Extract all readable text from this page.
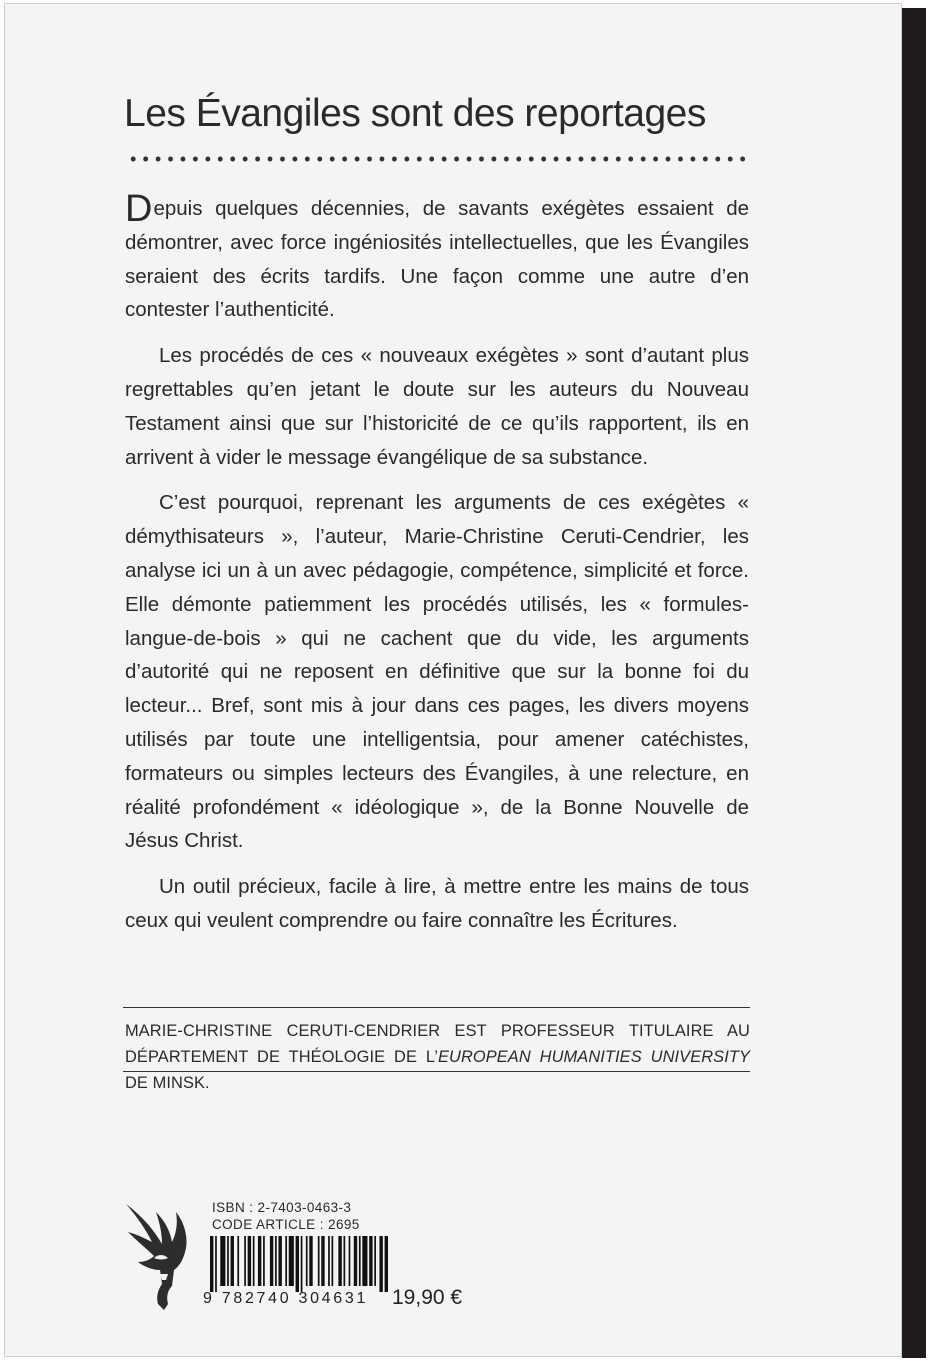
Les Évangiles sont des reportages

Depuis quelques décennies, de savants exégètes essaient de démontrer, avec force ingéniosités intellectuelles, que les Évangiles seraient des écrits tardifs. Une façon comme une autre d’en contester l’authenticité.

Les procédés de ces « nouveaux exégètes » sont d’autant plus regrettables qu’en jetant le doute sur les auteurs du Nouveau Testament ainsi que sur l’historicité de ce qu’ils rapportent, ils en arrivent à vider le message évangélique de sa substance.

C’est pourquoi, reprenant les arguments de ces exégètes « démythisateurs », l’auteur, Marie-Christine Ceruti-Cendrier, les analyse ici un à un avec pédagogie, compétence, simplicité et force. Elle démonte patiemment les procédés utilisés, les « formules-langue-de-bois » qui ne cachent que du vide, les arguments d’autorité qui ne reposent en définitive que sur la bonne foi du lecteur... Bref, sont mis à jour dans ces pages, les divers moyens utilisés par toute une intelligentsia, pour amener catéchistes, formateurs ou simples lecteurs des Évangiles, à une relecture, en réalité profondément « idéologique », de la Bonne Nouvelle de Jésus Christ.

Un outil précieux, facile à lire, à mettre entre les mains de tous ceux qui veulent comprendre ou faire connaître les Écritures.

MARIE-CHRISTINE CERUTI-CENDRIER EST PROFESSEUR TITULAIRE AU DÉPARTEMENT DE THÉOLOGIE DE L’EUROPEAN HUMANITIES UNIVERSITY DE MINSK.
ISBN : 2-7403-0463-3
CODE ARTICLE : 2695
9 782740 304631	19,90 €
